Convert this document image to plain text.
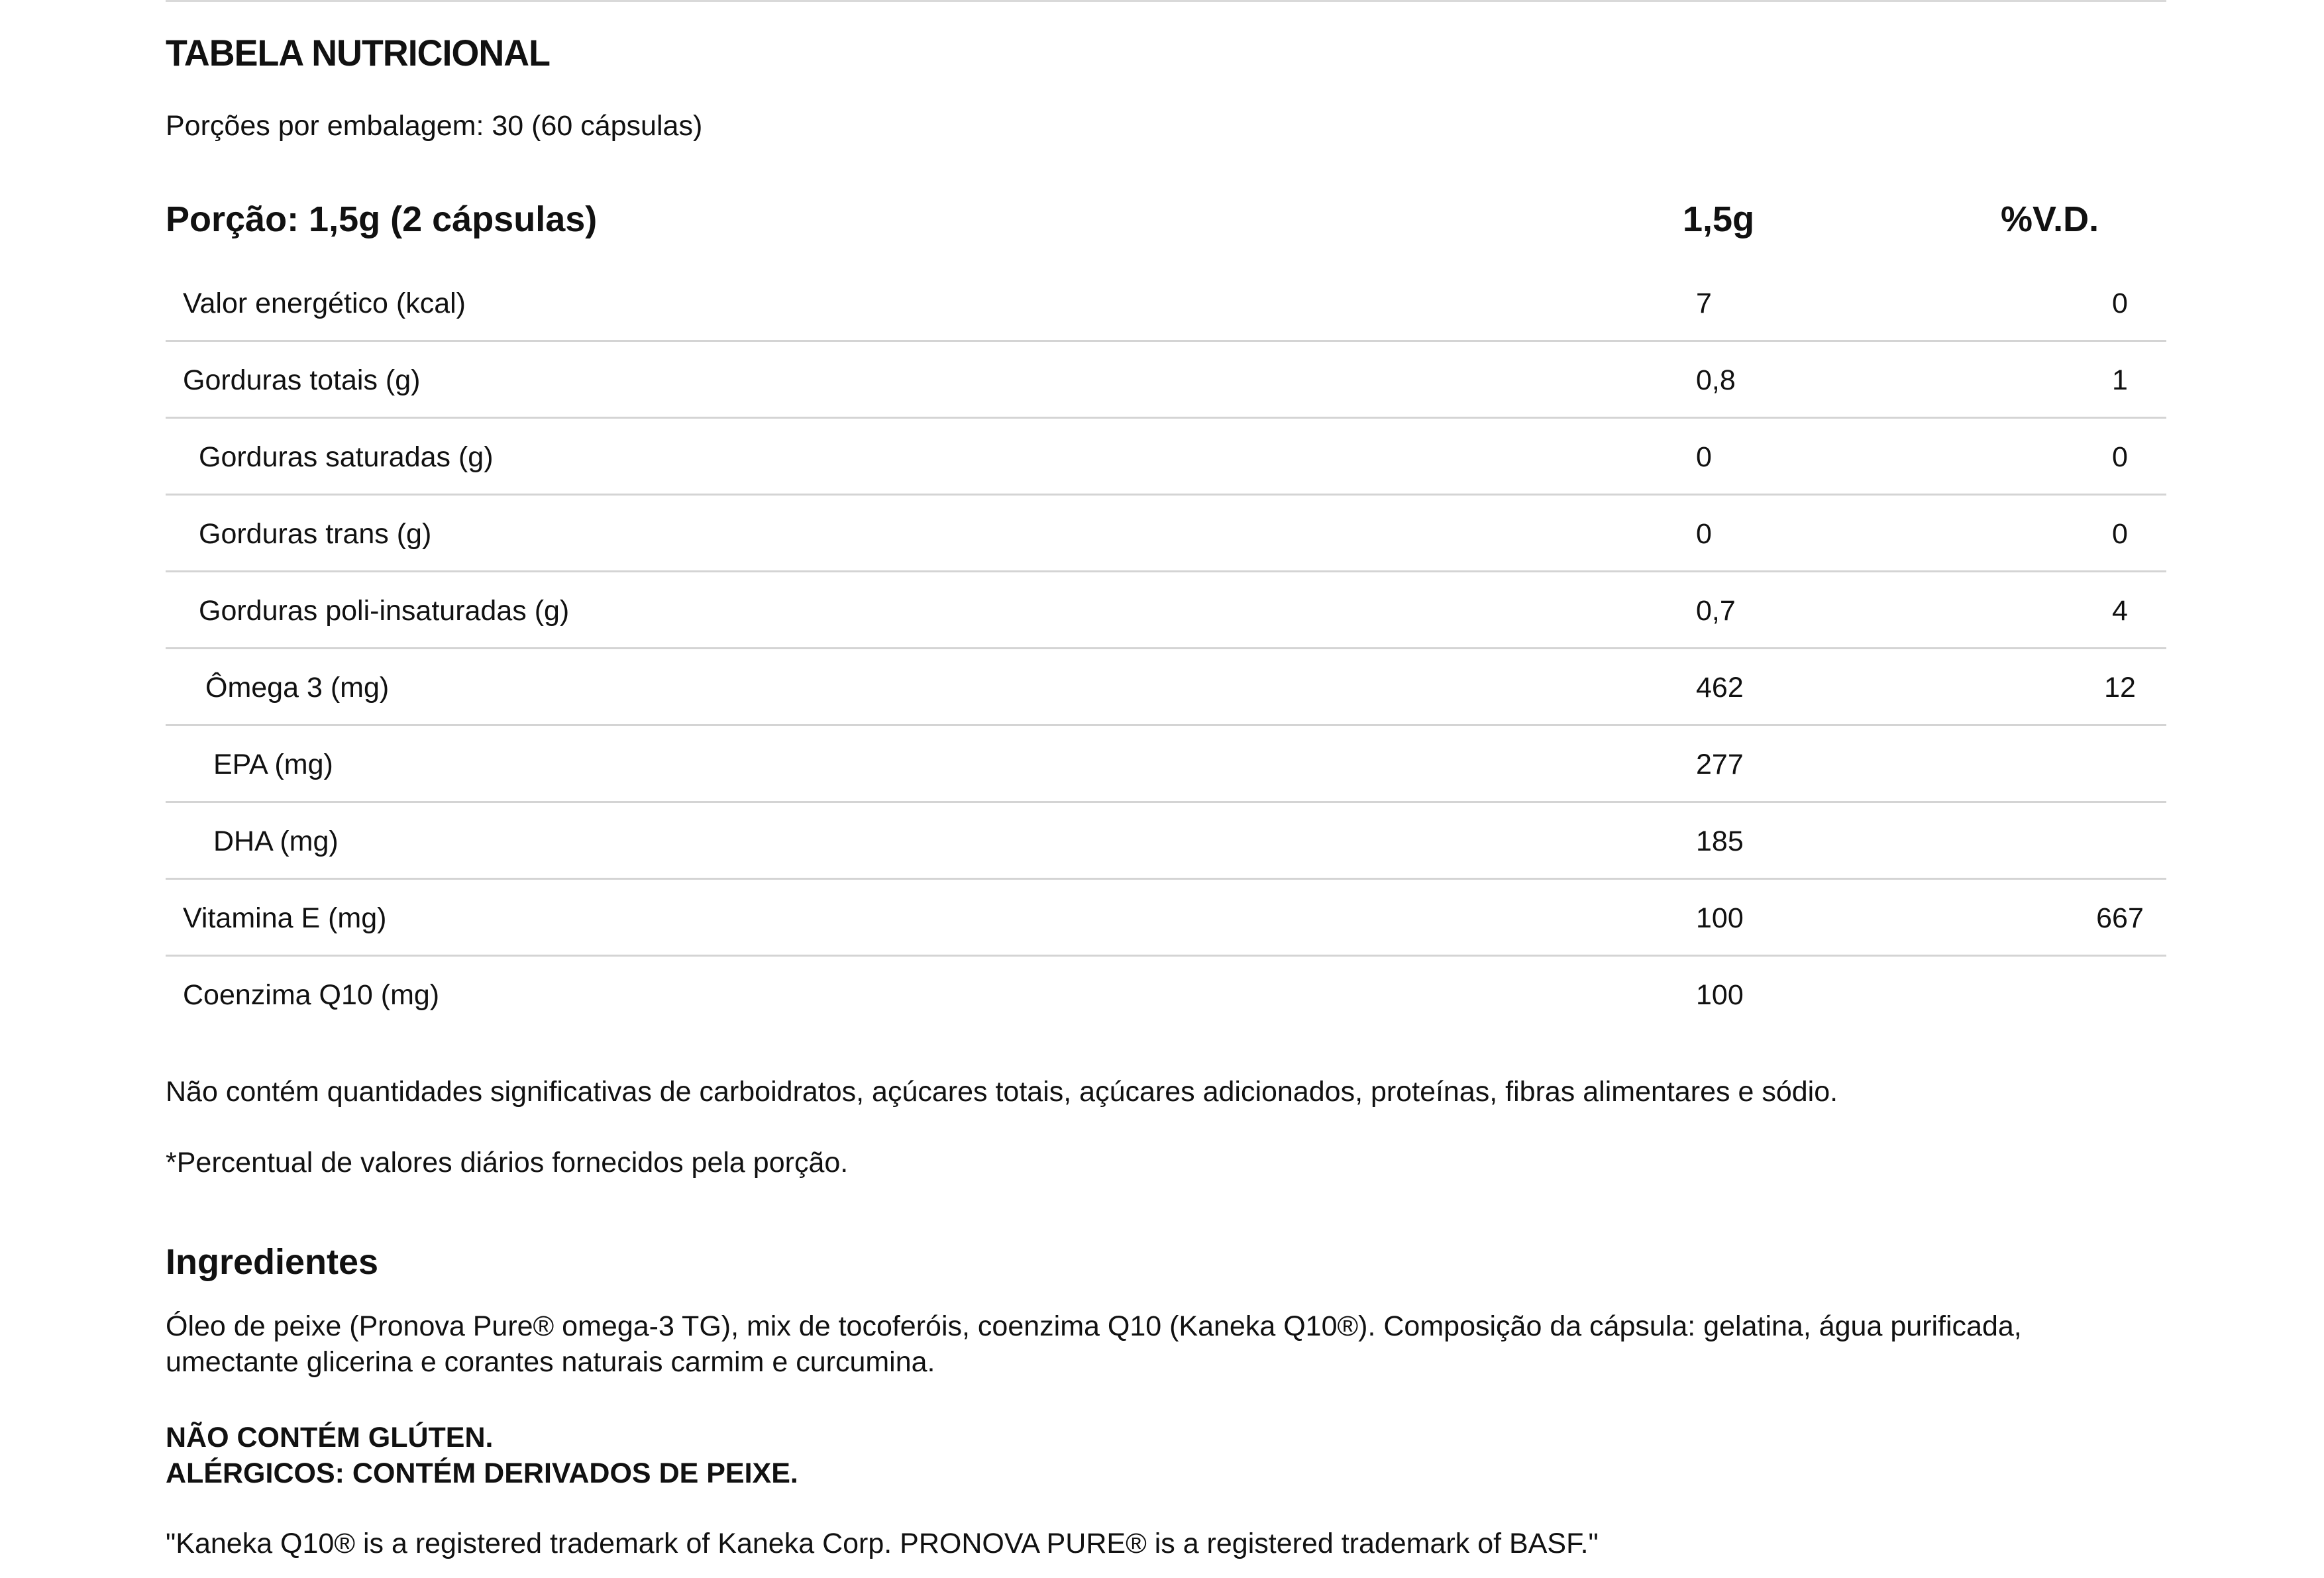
TABELA NUTRICIONAL

Porções por embalagem: 30 (60 cápsulas)

Porção: 1,5g (2 cápsulas)	1,5g	%V.D.
Valor energético (kcal)	7	0
Gorduras totais (g)	0,8	1
Gorduras saturadas (g)	0	0
Gorduras trans (g)	0	0
Gorduras poli-insaturadas (g)	0,7	4
Ômega 3 (mg)	462	12
EPA (mg)	277
DHA (mg)	185
Vitamina E (mg)	100	667
Coenzima Q10 (mg)	100

Não contém quantidades significativas de carboidratos, açúcares totais, açúcares adicionados, proteínas, fibras alimentares e sódio.

*Percentual de valores diários fornecidos pela porção.

Ingredientes

Óleo de peixe (Pronova Pure® omega-3 TG), mix de tocoferóis, coenzima Q10 (Kaneka Q10®). Composição da cápsula: gelatina, água purificada, umectante glicerina e corantes naturais carmim e curcumina.

NÃO CONTÉM GLÚTEN.

ALÉRGICOS: CONTÉM DERIVADOS DE PEIXE.

"Kaneka Q10® is a registered trademark of Kaneka Corp. PRONOVA PURE® is a registered trademark of BASF."
